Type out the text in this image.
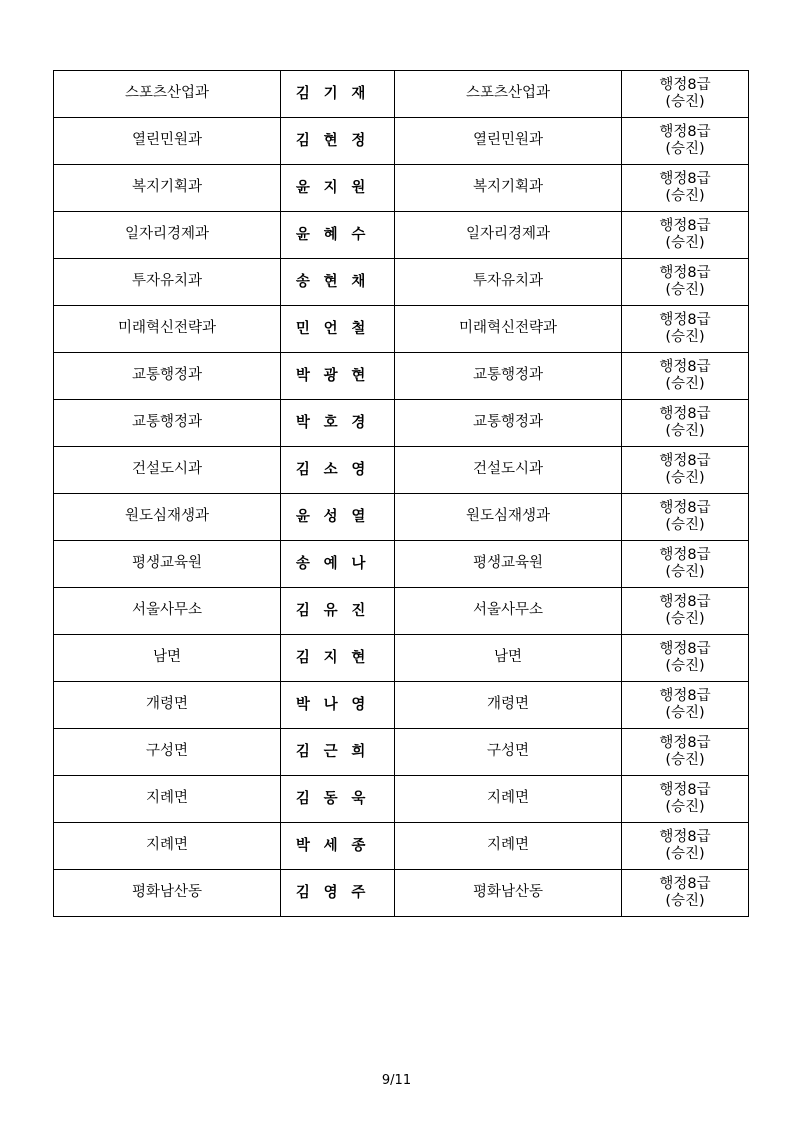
스포츠산업과	김기재	스포츠산업과	행정8급
(승진)

열린민원과	김현정	열린민원과	행정8급
(승진)

복지기획과	윤지원	복지기획과	행정8급
(승진)

일자리경제과	윤혜수	일자리경제과	행정8급
(승진)

투자유치과	송현채	투자유치과	행정8급
(승진)

미래혁신전략과	민언철	미래혁신전략과	행정8급
(승진)

교통행정과	박광현	교통행정과	행정8급
(승진)

교통행정과	박호경	교통행정과	행정8급
(승진)

건설도시과	김소영	건설도시과	행정8급
(승진)

원도심재생과	윤성열	원도심재생과	행정8급
(승진)

평생교육원	송예나	평생교육원	행정8급
(승진)

서울사무소	김유진	서울사무소	행정8급
(승진)

남면	김지현	남면	행정8급
(승진)

개령면	박나영	개령면	행정8급
(승진)

구성면	김근희	구성면	행정8급
(승진)

지례면	김동욱	지례면	행정8급
(승진)

지례면	박세종	지례면	행정8급
(승진)

평화남산동	김영주	평화남산동	행정8급
(승진)
9/11
